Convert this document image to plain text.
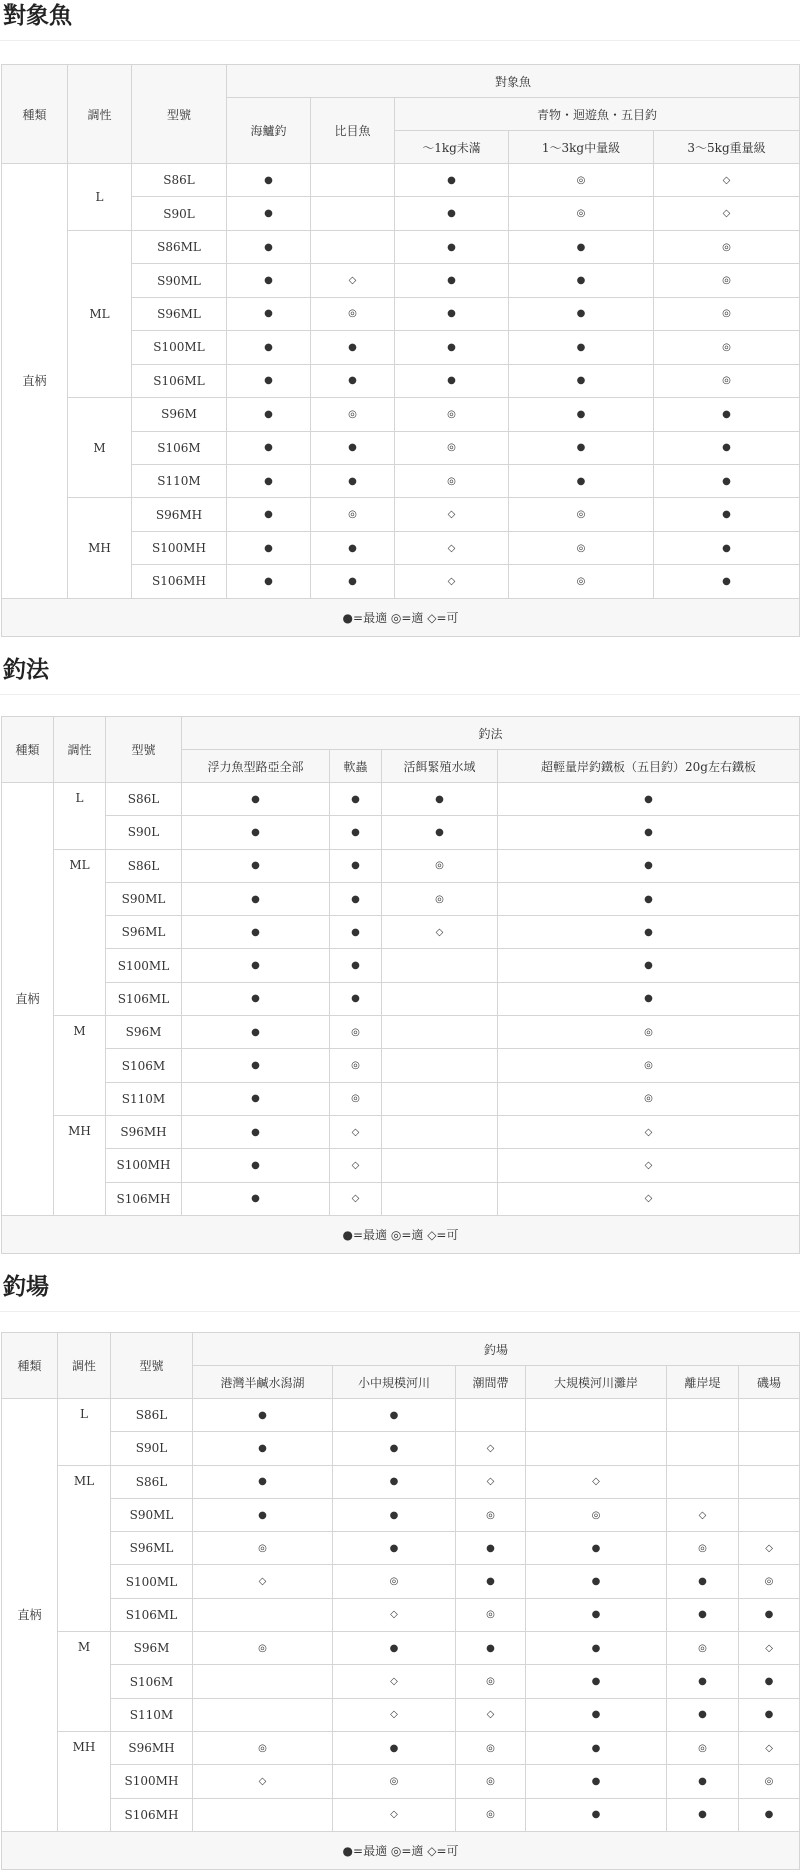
對象魚
種類	調性	型號	對象魚				
			海鱸釣	比目魚	青物・迴遊魚・五目釣		
					～1kg未滿	1～3kg中量級	3～5kg重量級
直柄	L	S86L	●		●	◎	◇
		S90L	●		●	◎	◇
	ML	S86ML	●		●	●	◎
		S90ML	●	◇	●	●	◎
		S96ML	●	◎	●	●	◎
		S100ML	●	●	●	●	◎
		S106ML	●	●	●	●	◎
	M	S96M	●	◎	◎	●	●
		S106M	●	●	◎	●	●
		S110M	●	●	◎	●	●
	MH	S96MH	●	◎	◇	◎	●
		S100MH	●	●	◇	◎	●
		S106MH	●	●	◇	◎	●
●=最適 ◎=適 ◇=可							
釣法
種類	調性	型號	釣法			
			浮力魚型路亞全部	軟蟲	活餌緊殖水域	超輕量岸釣鐵板（五目釣）20g左右鐵板
直柄	L	S86L	●	●	●	●
		S90L	●	●	●	●
	ML	S86L	●	●	◎	●
		S90ML	●	●	◎	●
		S96ML	●	●	◇	●
		S100ML	●	●		●
		S106ML	●	●		●
	M	S96M	●	◎		◎
		S106M	●	◎		◎
		S110M	●	◎		◎
	MH	S96MH	●	◇		◇
		S100MH	●	◇		◇
		S106MH	●	◇		◇
●=最適 ◎=適 ◇=可						
釣場
種類	調性	型號	釣場					
			港灣半鹹水潟湖	小中規模河川	潮間帶	大規模河川灘岸	離岸堤	磯場
直柄	L	S86L	●	●				
		S90L	●	●	◇			
	ML	S86L	●	●	◇	◇		
		S90ML	●	●	◎	◎	◇	
		S96ML	◎	●	●	●	◎	◇
		S100ML	◇	◎	●	●	●	◎
		S106ML		◇	◎	●	●	●
	M	S96M	◎	●	●	●	◎	◇
		S106M		◇	◎	●	●	●
		S110M		◇	◇	●	●	●
	MH	S96MH	◎	●	◎	●	◎	◇
		S100MH	◇	◎	◎	●	●	◎
		S106MH		◇	◎	●	●	●
●=最適 ◎=適 ◇=可								
